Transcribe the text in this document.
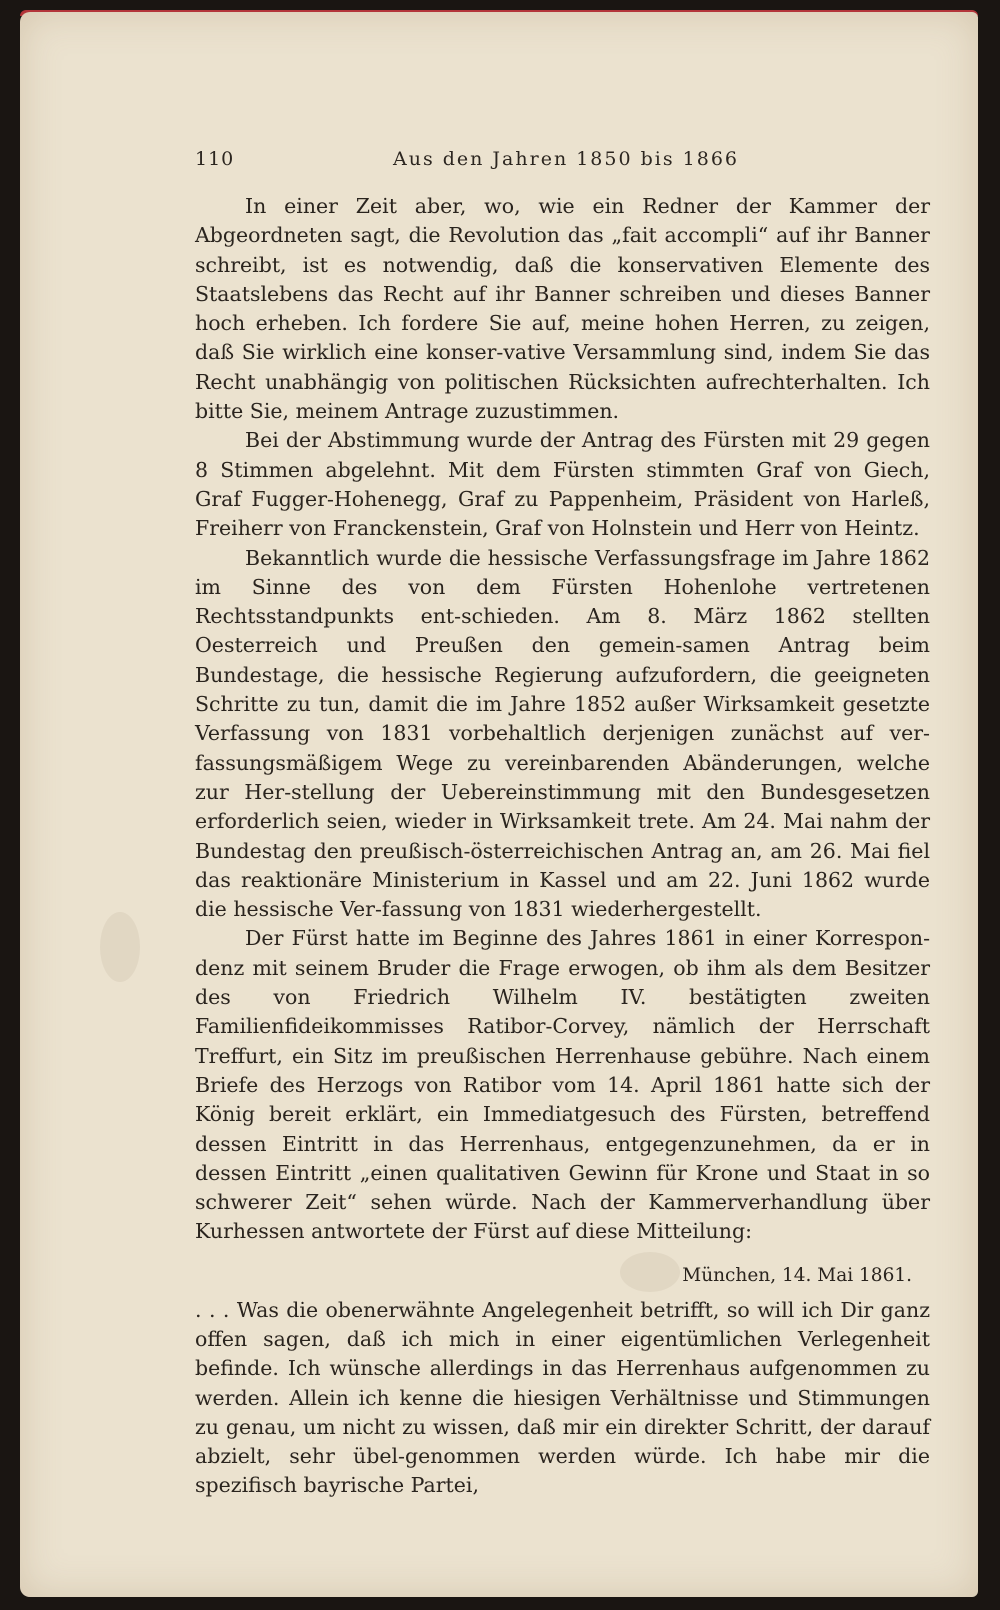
110	Aus den Jahren 1850 bis 1866

In einer Zeit aber, wo, wie ein Redner der Kammer der Abgeordneten sagt, die Revolution das „fait accompli“ auf ihr Banner schreibt, ist es notwendig, daß die konservativen Elemente des Staatslebens das Recht auf ihr Banner schreiben und dieses Banner hoch erheben. Ich fordere Sie auf, meine hohen Herren, zu zeigen, daß Sie wirklich eine konser-vative Versammlung sind, indem Sie das Recht unabhängig von politischen Rücksichten aufrechterhalten. Ich bitte Sie, meinem Antrage zuzustimmen.

Bei der Abstimmung wurde der Antrag des Fürsten mit 29 gegen 8 Stimmen abgelehnt. Mit dem Fürsten stimmten Graf von Giech, Graf Fugger-Hohenegg, Graf zu Pappenheim, Präsident von Harleß, Freiherr von Franckenstein, Graf von Holnstein und Herr von Heintz.

Bekanntlich wurde die hessische Verfassungsfrage im Jahre 1862 im Sinne des von dem Fürsten Hohenlohe vertretenen Rechtsstandpunkts ent-schieden. Am 8. März 1862 stellten Oesterreich und Preußen den gemein-samen Antrag beim Bundestage, die hessische Regierung aufzufordern, die geeigneten Schritte zu tun, damit die im Jahre 1852 außer Wirksamkeit gesetzte Verfassung von 1831 vorbehaltlich derjenigen zunächst auf ver-fassungsmäßigem Wege zu vereinbarenden Abänderungen, welche zur Her-stellung der Uebereinstimmung mit den Bundesgesetzen erforderlich seien, wieder in Wirksamkeit trete. Am 24. Mai nahm der Bundestag den preußisch-österreichischen Antrag an, am 26. Mai fiel das reaktionäre Ministerium in Kassel und am 22. Juni 1862 wurde die hessische Ver-fassung von 1831 wiederhergestellt.

Der Fürst hatte im Beginne des Jahres 1861 in einer Korrespon-denz mit seinem Bruder die Frage erwogen, ob ihm als dem Besitzer des von Friedrich Wilhelm IV. bestätigten zweiten Familienfideikommisses Ratibor-Corvey, nämlich der Herrschaft Treffurt, ein Sitz im preußischen Herrenhause gebühre. Nach einem Briefe des Herzogs von Ratibor vom 14. April 1861 hatte sich der König bereit erklärt, ein Immediatgesuch des Fürsten, betreffend dessen Eintritt in das Herrenhaus, entgegenzunehmen, da er in dessen Eintritt „einen qualitativen Gewinn für Krone und Staat in so schwerer Zeit“ sehen würde. Nach der Kammerverhandlung über Kurhessen antwortete der Fürst auf diese Mitteilung:

München, 14. Mai 1861.

. . . Was die obenerwähnte Angelegenheit betrifft, so will ich Dir ganz offen sagen, daß ich mich in einer eigentümlichen Verlegenheit befinde. Ich wünsche allerdings in das Herrenhaus aufgenommen zu werden. Allein ich kenne die hiesigen Verhältnisse und Stimmungen zu genau, um nicht zu wissen, daß mir ein direkter Schritt, der darauf abzielt, sehr übel-genommen werden würde. Ich habe mir die spezifisch bayrische Partei,
